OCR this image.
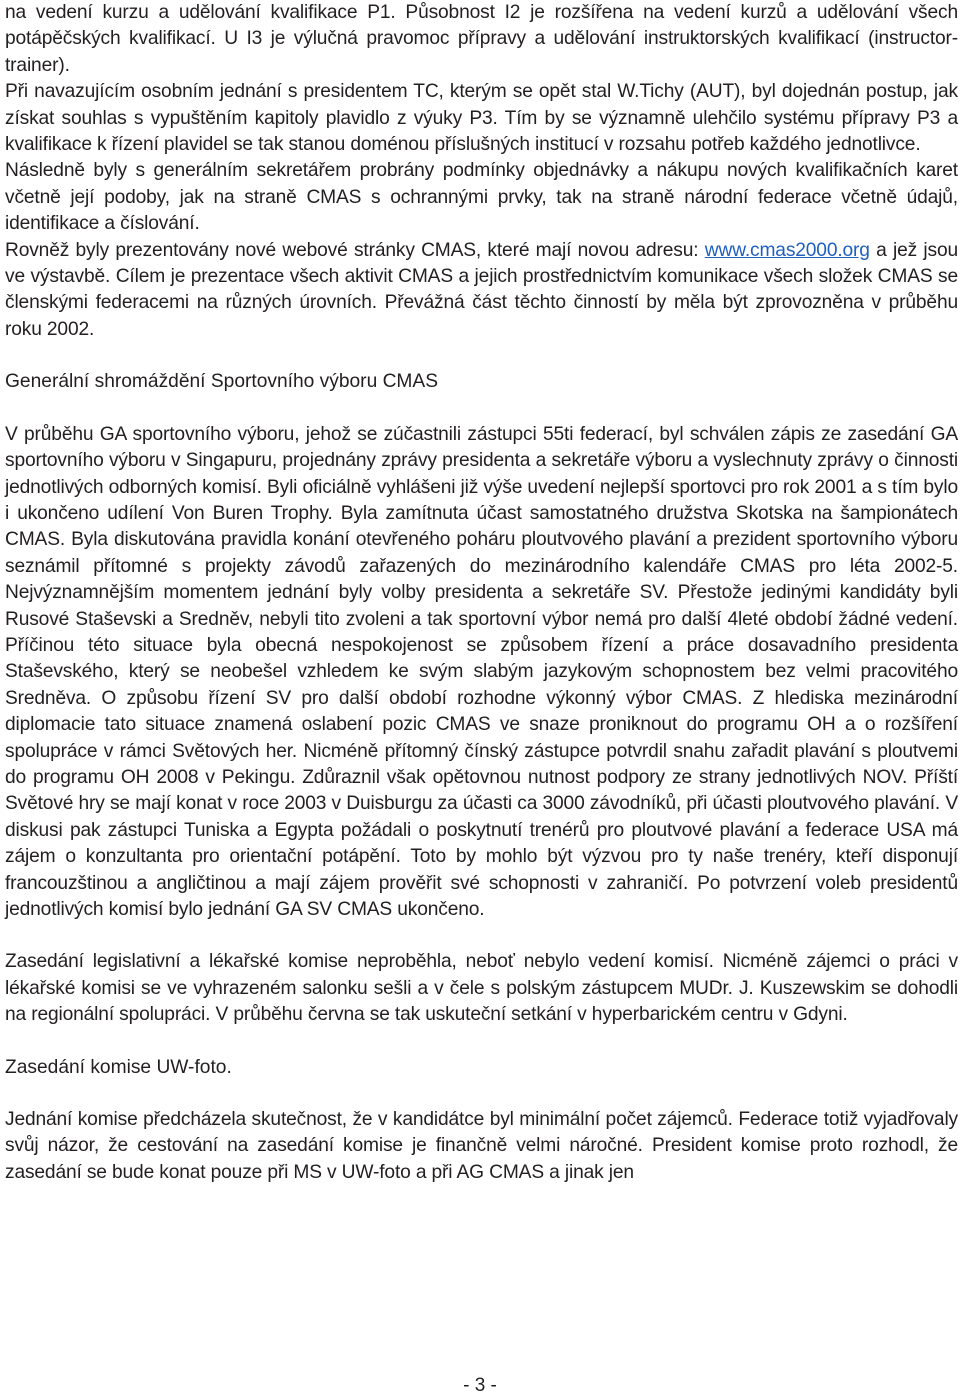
na vedení kurzu a udělování kvalifikace P1. Působnost I2 je rozšířena na vedení kurzů a udělování všech potápěčských kvalifikací. U I3 je výlučná pravomoc přípravy a udělování instruktorských kvalifikací (instructor-trainer).

Při navazujícím osobním jednání s presidentem TC, kterým se opět stal W.Tichy (AUT), byl dojednán postup, jak získat souhlas s vypuštěním kapitoly plavidlo z výuky P3. Tím by se významně ulehčilo systému přípravy P3 a kvalifikace k řízení plavidel se tak stanou doménou příslušných institucí v rozsahu potřeb každého jednotlivce.

Následně byly s generálním sekretářem probrány podmínky objednávky a nákupu nových kvalifikačních karet včetně její podoby, jak na straně CMAS s ochrannými prvky, tak na straně národní federace včetně údajů, identifikace a číslování.

Rovněž byly prezentovány nové webové stránky CMAS, které mají novou adresu: www.cmas2000.org a jež jsou ve výstavbě. Cílem je prezentace všech aktivit CMAS a jejich prostřednictvím komunikace všech složek CMAS se členskými federacemi na různých úrovních. Převážná část těchto činností by měla být zprovozněna v průběhu roku 2002.

Generální shromáždění Sportovního výboru CMAS

V průběhu GA sportovního výboru, jehož se zúčastnili zástupci 55ti federací, byl schválen zápis ze zasedání GA sportovního výboru v Singapuru, projednány zprávy presidenta a sekretáře výboru a vyslechnuty zprávy o činnosti jednotlivých odborných komisí. Byli oficiálně vyhlášeni již výše uvedení nejlepší sportovci pro rok 2001 a s tím bylo i ukončeno udílení Von Buren Trophy. Byla zamítnuta účast samostatného družstva Skotska na šampionátech CMAS. Byla diskutována pravidla konání otevřeného poháru ploutvového plavání a prezident sportovního výboru seznámil přítomné s projekty závodů zařazených do mezinárodního kalendáře CMAS pro léta 2002-5. Nejvýznamnějším momentem jednání byly volby presidenta a sekretáře SV. Přestože jedinými kandidáty byli Rusové Staševski a Sredněv, nebyli tito zvoleni a tak sportovní výbor nemá pro další 4leté období žádné vedení. Příčinou této situace byla obecná nespokojenost se způsobem řízení a práce dosavadního presidenta Staševského, který se neobešel vzhledem ke svým slabým jazykovým schopnostem bez velmi pracovitého Sredněva. O způsobu řízení SV pro další období rozhodne výkonný výbor CMAS. Z hlediska mezinárodní diplomacie tato situace znamená oslabení pozic CMAS ve snaze proniknout do programu OH a o rozšíření spolupráce v rámci Světových her. Nicméně přítomný čínský zástupce potvrdil snahu zařadit plavání s ploutvemi do programu OH 2008 v Pekingu. Zdůraznil však opětovnou nutnost podpory ze strany jednotlivých NOV. Příští Světové hry se mají konat v roce 2003 v Duisburgu za účasti ca 3000 závodníků, při účasti ploutvového plavání. V diskusi pak zástupci Tuniska a Egypta požádali o poskytnutí trenérů pro ploutvové plavání a federace USA má zájem o konzultanta pro orientační potápění. Toto by mohlo být výzvou pro ty naše trenéry, kteří disponují francouzštinou a angličtinou a mají zájem prověřit své schopnosti v zahraničí. Po potvrzení voleb presidentů jednotlivých komisí bylo jednání GA SV CMAS ukončeno.

Zasedání legislativní a lékařské komise neproběhla, neboť nebylo vedení komisí. Nicméně zájemci o práci v lékařské komisi se ve vyhrazeném salonku sešli a v čele s polským zástupcem MUDr. J. Kuszewskim se dohodli na regionální spolupráci. V průběhu června se tak uskuteční setkání v hyperbarickém centru v Gdyni.

Zasedání komise UW-foto.

Jednání komise předcházela skutečnost, že v kandidátce byl minimální počet zájemců. Federace totiž vyjadřovaly svůj názor, že cestování na zasedání komise je finančně velmi náročné. President komise proto rozhodl, že zasedání se bude konat pouze při MS v UW-foto a při AG CMAS a jinak jen

- 3 -
